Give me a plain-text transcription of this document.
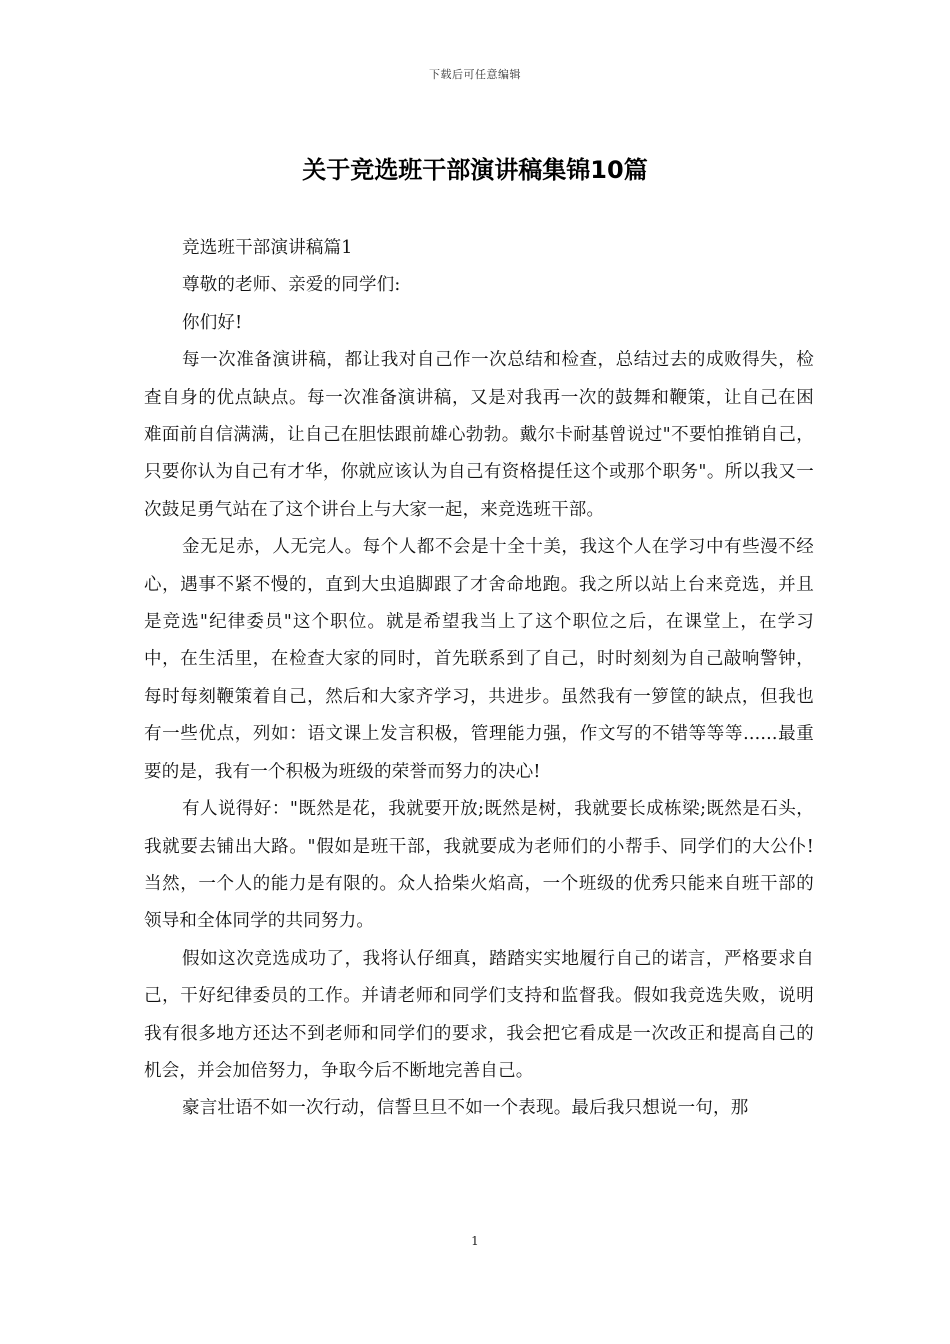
下载后可任意编辑
关于竞选班干部演讲稿集锦10篇

竞选班干部演讲稿篇1

尊敬的老师、亲爱的同学们:

你们好!

每一次准备演讲稿，都让我对自己作一次总结和检查，总结过去的成败得失，检查自身的优点缺点。每一次准备演讲稿，又是对我再一次的鼓舞和鞭策，让自己在困难面前自信满满，让自己在胆怯跟前雄心勃勃。戴尔卡耐基曾说过"不要怕推销自己，只要你认为自己有才华，你就应该认为自己有资格提任这个或那个职务"。所以我又一次鼓足勇气站在了这个讲台上与大家一起，来竞选班干部。

金无足赤，人无完人。每个人都不会是十全十美，我这个人在学习中有些漫不经心，遇事不紧不慢的，直到大虫追脚跟了才舍命地跑。我之所以站上台来竞选，并且是竞选"纪律委员"这个职位。就是希望我当上了这个职位之后，在课堂上，在学习中，在生活里，在检查大家的同时，首先联系到了自己，时时刻刻为自己敲响警钟，每时每刻鞭策着自己，然后和大家齐学习，共进步。虽然我有一箩筐的缺点，但我也有一些优点，列如：语文课上发言积极，管理能力强，作文写的不错等等等......最重要的是，我有一个积极为班级的荣誉而努力的决心!

有人说得好："既然是花，我就要开放;既然是树，我就要长成栋梁;既然是石头，我就要去铺出大路。"假如是班干部，我就要成为老师们的小帮手、同学们的大公仆!当然，一个人的能力是有限的。众人拾柴火焰高，一个班级的优秀只能来自班干部的领导和全体同学的共同努力。

假如这次竞选成功了，我将认仔细真，踏踏实实地履行自己的诺言，严格要求自己，干好纪律委员的工作。并请老师和同学们支持和监督我。假如我竞选失败，说明我有很多地方还达不到老师和同学们的要求，我会把它看成是一次改正和提高自己的机会，并会加倍努力，争取今后不断地完善自己。

豪言壮语不如一次行动，信誓旦旦不如一个表现。最后我只想说一句，那

1
